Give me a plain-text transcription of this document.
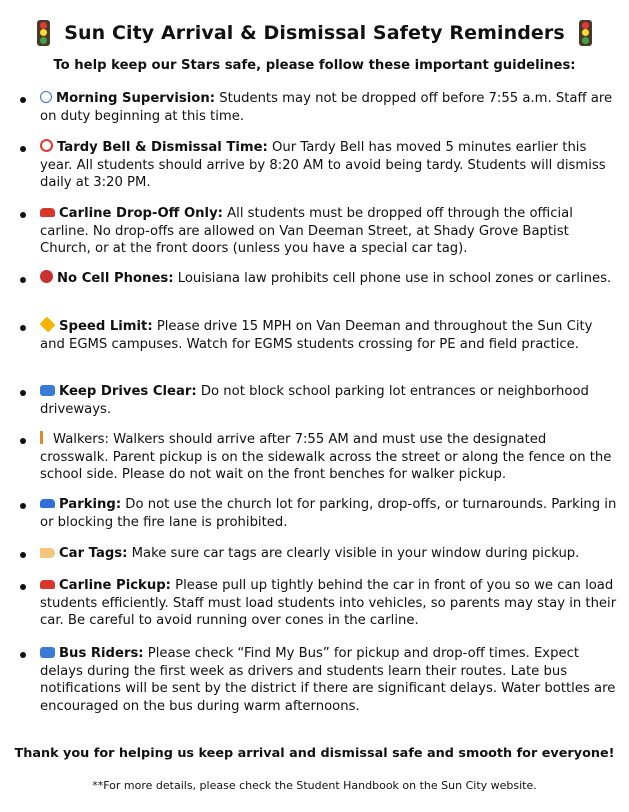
Sun City Arrival & Dismissal Safety Reminders
To help keep our Stars safe, please follow these important guidelines:
Morning Supervision: Students may not be dropped off before 7:55 a.m. Staff are on duty beginning at this time.
Tardy Bell & Dismissal Time: Our Tardy Bell has moved 5 minutes earlier this year. All students should arrive by 8:20 AM to avoid being tardy. Students will dismiss daily at 3:20 PM.
Carline Drop-Off Only: All students must be dropped off through the official carline. No drop-offs are allowed on Van Deeman Street, at Shady Grove Baptist Church, or at the front doors (unless you have a special car tag).
No Cell Phones: Louisiana law prohibits cell phone use in school zones or carlines.
Speed Limit: Please drive 15 MPH on Van Deeman and throughout the Sun City and EGMS campuses. Watch for EGMS students crossing for PE and field practice.
Keep Drives Clear: Do not block school parking lot entrances or neighborhood driveways.
Walkers: Walkers should arrive after 7:55 AM and must use the designated crosswalk. Parent pickup is on the sidewalk across the street or along the fence on the school side. Please do not wait on the front benches for walker pickup.
Parking: Do not use the church lot for parking, drop-offs, or turnarounds. Parking in or blocking the fire lane is prohibited.
Car Tags: Make sure car tags are clearly visible in your window during pickup.
Carline Pickup: Please pull up tightly behind the car in front of you so we can load students efficiently. Staff must load students into vehicles, so parents may stay in their car. Be careful to avoid running over cones in the carline.
Bus Riders: Please check “Find My Bus” for pickup and drop-off times. Expect delays during the first week as drivers and students learn their routes. Late bus notifications will be sent by the district if there are significant delays. Water bottles are encouraged on the bus during warm afternoons.
Thank you for helping us keep arrival and dismissal safe and smooth for everyone!
**For more details, please check the Student Handbook on the Sun City website.
